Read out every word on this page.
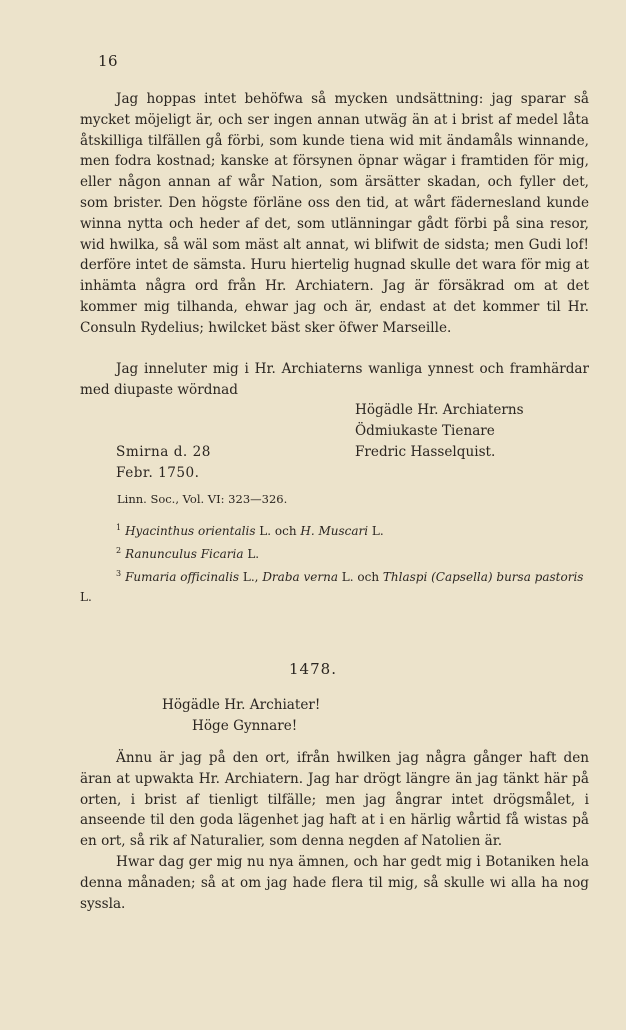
16

Jag hoppas intet behöfwa så mycken undsättning: jag sparar så mycket möjeligt är, och ser ingen annan utwäg än at i brist af medel låta åtskilliga tilfällen gå förbi, som kunde tiena wid mit ändamåls winnande, men fodra kostnad; kanske at försynen öpnar wägar i framtiden för mig, eller någon annan af wår Nation, som ärsätter skadan, och fyller det, som brister. Den högste förläne oss den tid, at wårt fädernesland kunde winna nytta och heder af det, som utlänningar gådt förbi på sina resor, wid hwilka, så wäl som mäst alt annat, wi blifwit de sidsta; men Gudi lof! derföre intet de sämsta. Huru hiertelig hugnad skulle det wara för mig at inhämta några ord från Hr. Archiatern. Jag är försäkrad om at det kommer mig tilhanda, ehwar jag och är, endast at det kommer til Hr. Consuln Rydelius; hwilcket bäst sker öfwer Marseille.

Jag inneluter mig i Hr. Archiaterns wanliga ynnest och framhärdar med diupaste wördnad

Högädle Hr. Archiaterns
Ödmiukaste Tienare
Fredric Hasselquist.
Smirna d. 28
Febr. 1750.
Linn. Soc., Vol. VI: 323—326.

$^1$ Hyacinthus orientalis L. och H. Muscari L.

$^2$ Ranunculus Ficaria L.

$^3$ Fumaria officinalis L., Draba verna L. och Thlaspi (Capsella) bursa pastoris L.

1478.
Högädle Hr. Archiater!
Höge Gynnare!

Ännu är jag på den ort, ifrån hwilken jag några gånger haft den äran at upwakta Hr. Archiatern. Jag har drögt längre än jag tänkt här på orten, i brist af tienligt tilfälle; men jag ångrar intet drögsmålet, i anseende til den goda lägenhet jag haft at i en härlig wårtid få wistas på en ort, så rik af Naturalier, som denna negden af Natolien är.

Hwar dag ger mig nu nya ämnen, och har gedt mig i Botaniken hela denna månaden; så at om jag hade flera til mig, så skulle wi alla ha nog syssla.
